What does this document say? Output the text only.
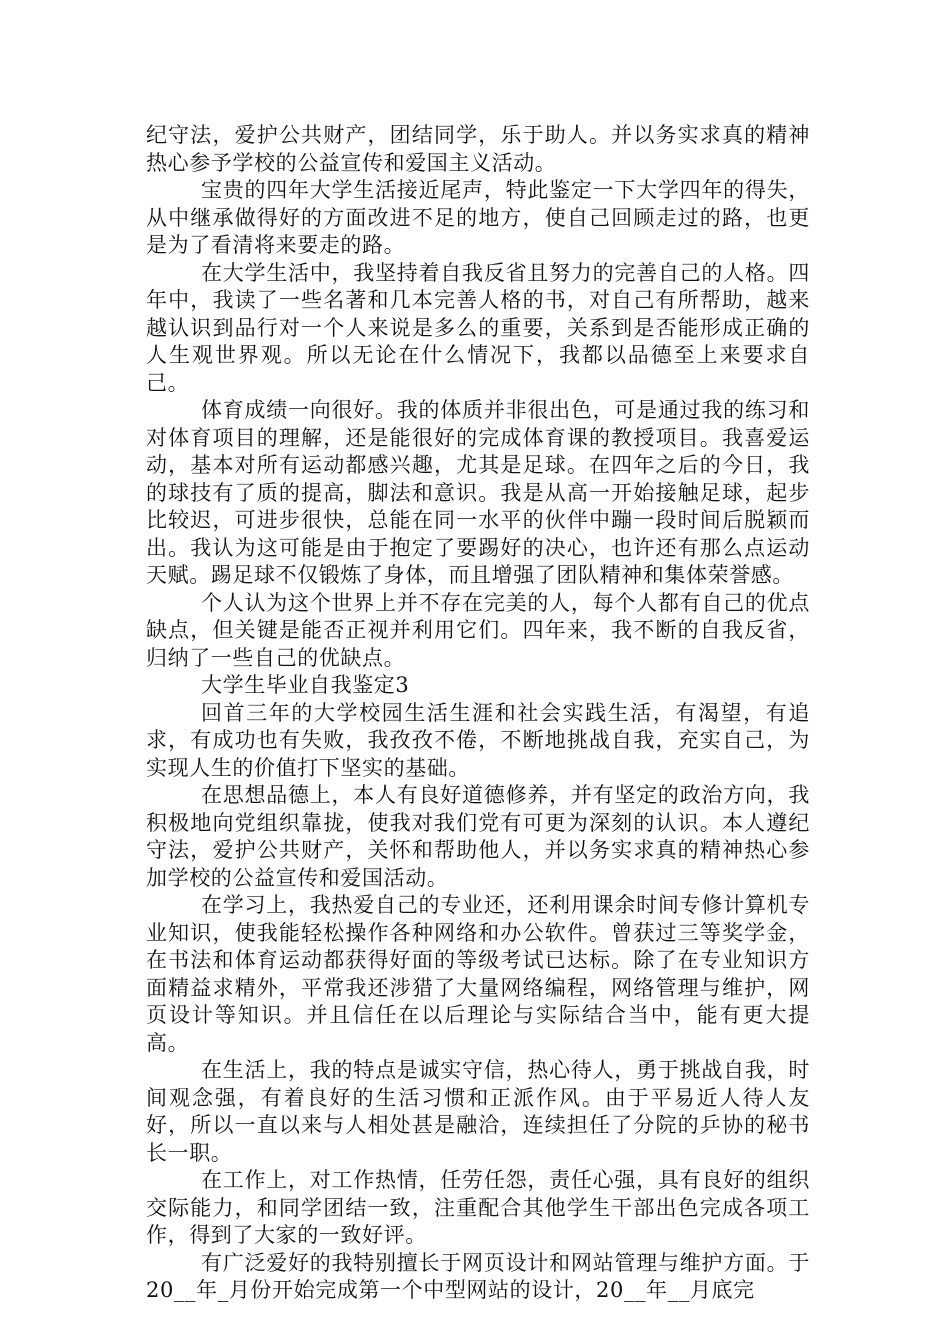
纪守法，爱护公共财产，团结同学，乐于助人。并以务实求真的精神热心参予学校的公益宣传和爱国主义活动。

宝贵的四年大学生活接近尾声，特此鉴定一下大学四年的得失，从中继承做得好的方面改进不足的地方，使自己回顾走过的路，也更是为了看清将来要走的路。

在大学生活中，我坚持着自我反省且努力的完善自己的人格。四年中，我读了一些名著和几本完善人格的书，对自己有所帮助，越来越认识到品行对一个人来说是多么的重要，关系到是否能形成正确的人生观世界观。所以无论在什么情况下，我都以品德至上来要求自己。

体育成绩一向很好。我的体质并非很出色，可是通过我的练习和对体育项目的理解，还是能很好的完成体育课的教授项目。我喜爱运动，基本对所有运动都感兴趣，尤其是足球。在四年之后的今日，我的球技有了质的提高，脚法和意识。我是从高一开始接触足球，起步比较迟，可进步很快，总能在同一水平的伙伴中蹦一段时间后脱颖而出。我认为这可能是由于抱定了要踢好的决心，也许还有那么点运动天赋。踢足球不仅锻炼了身体，而且增强了团队精神和集体荣誉感。

个人认为这个世界上并不存在完美的人，每个人都有自己的优点缺点，但关键是能否正视并利用它们。四年来，我不断的自我反省，归纳了一些自己的优缺点。

大学生毕业自我鉴定3

回首三年的大学校园生活生涯和社会实践生活，有渴望，有追求，有成功也有失败，我孜孜不倦，不断地挑战自我，充实自己，为实现人生的价值打下坚实的基础。

在思想品德上，本人有良好道德修养，并有坚定的政治方向，我积极地向党组织靠拢，使我对我们党有可更为深刻的认识。本人遵纪守法，爱护公共财产，关怀和帮助他人，并以务实求真的精神热心参加学校的公益宣传和爱国活动。

在学习上，我热爱自己的专业还，还利用课余时间专修计算机专业知识，使我能轻松操作各种网络和办公软件。曾获过三等奖学金，在书法和体育运动都获得好面的等级考试已达标。除了在专业知识方面精益求精外，平常我还涉猎了大量网络编程，网络管理与维护，网页设计等知识。并且信任在以后理论与实际结合当中，能有更大提高。

在生活上，我的特点是诚实守信，热心待人，勇于挑战自我，时间观念强，有着良好的生活习惯和正派作风。由于平易近人待人友好，所以一直以来与人相处甚是融洽，连续担任了分院的乒协的秘书长一职。

在工作上，对工作热情，任劳任怨，责任心强，具有良好的组织交际能力，和同学团结一致，注重配合其他学生干部出色完成各项工作，得到了大家的一致好评。

有广泛爱好的我特别擅长于网页设计和网站管理与维护方面。于20__年_月份开始完成第一个中型网站的设计，20__年__月底完
